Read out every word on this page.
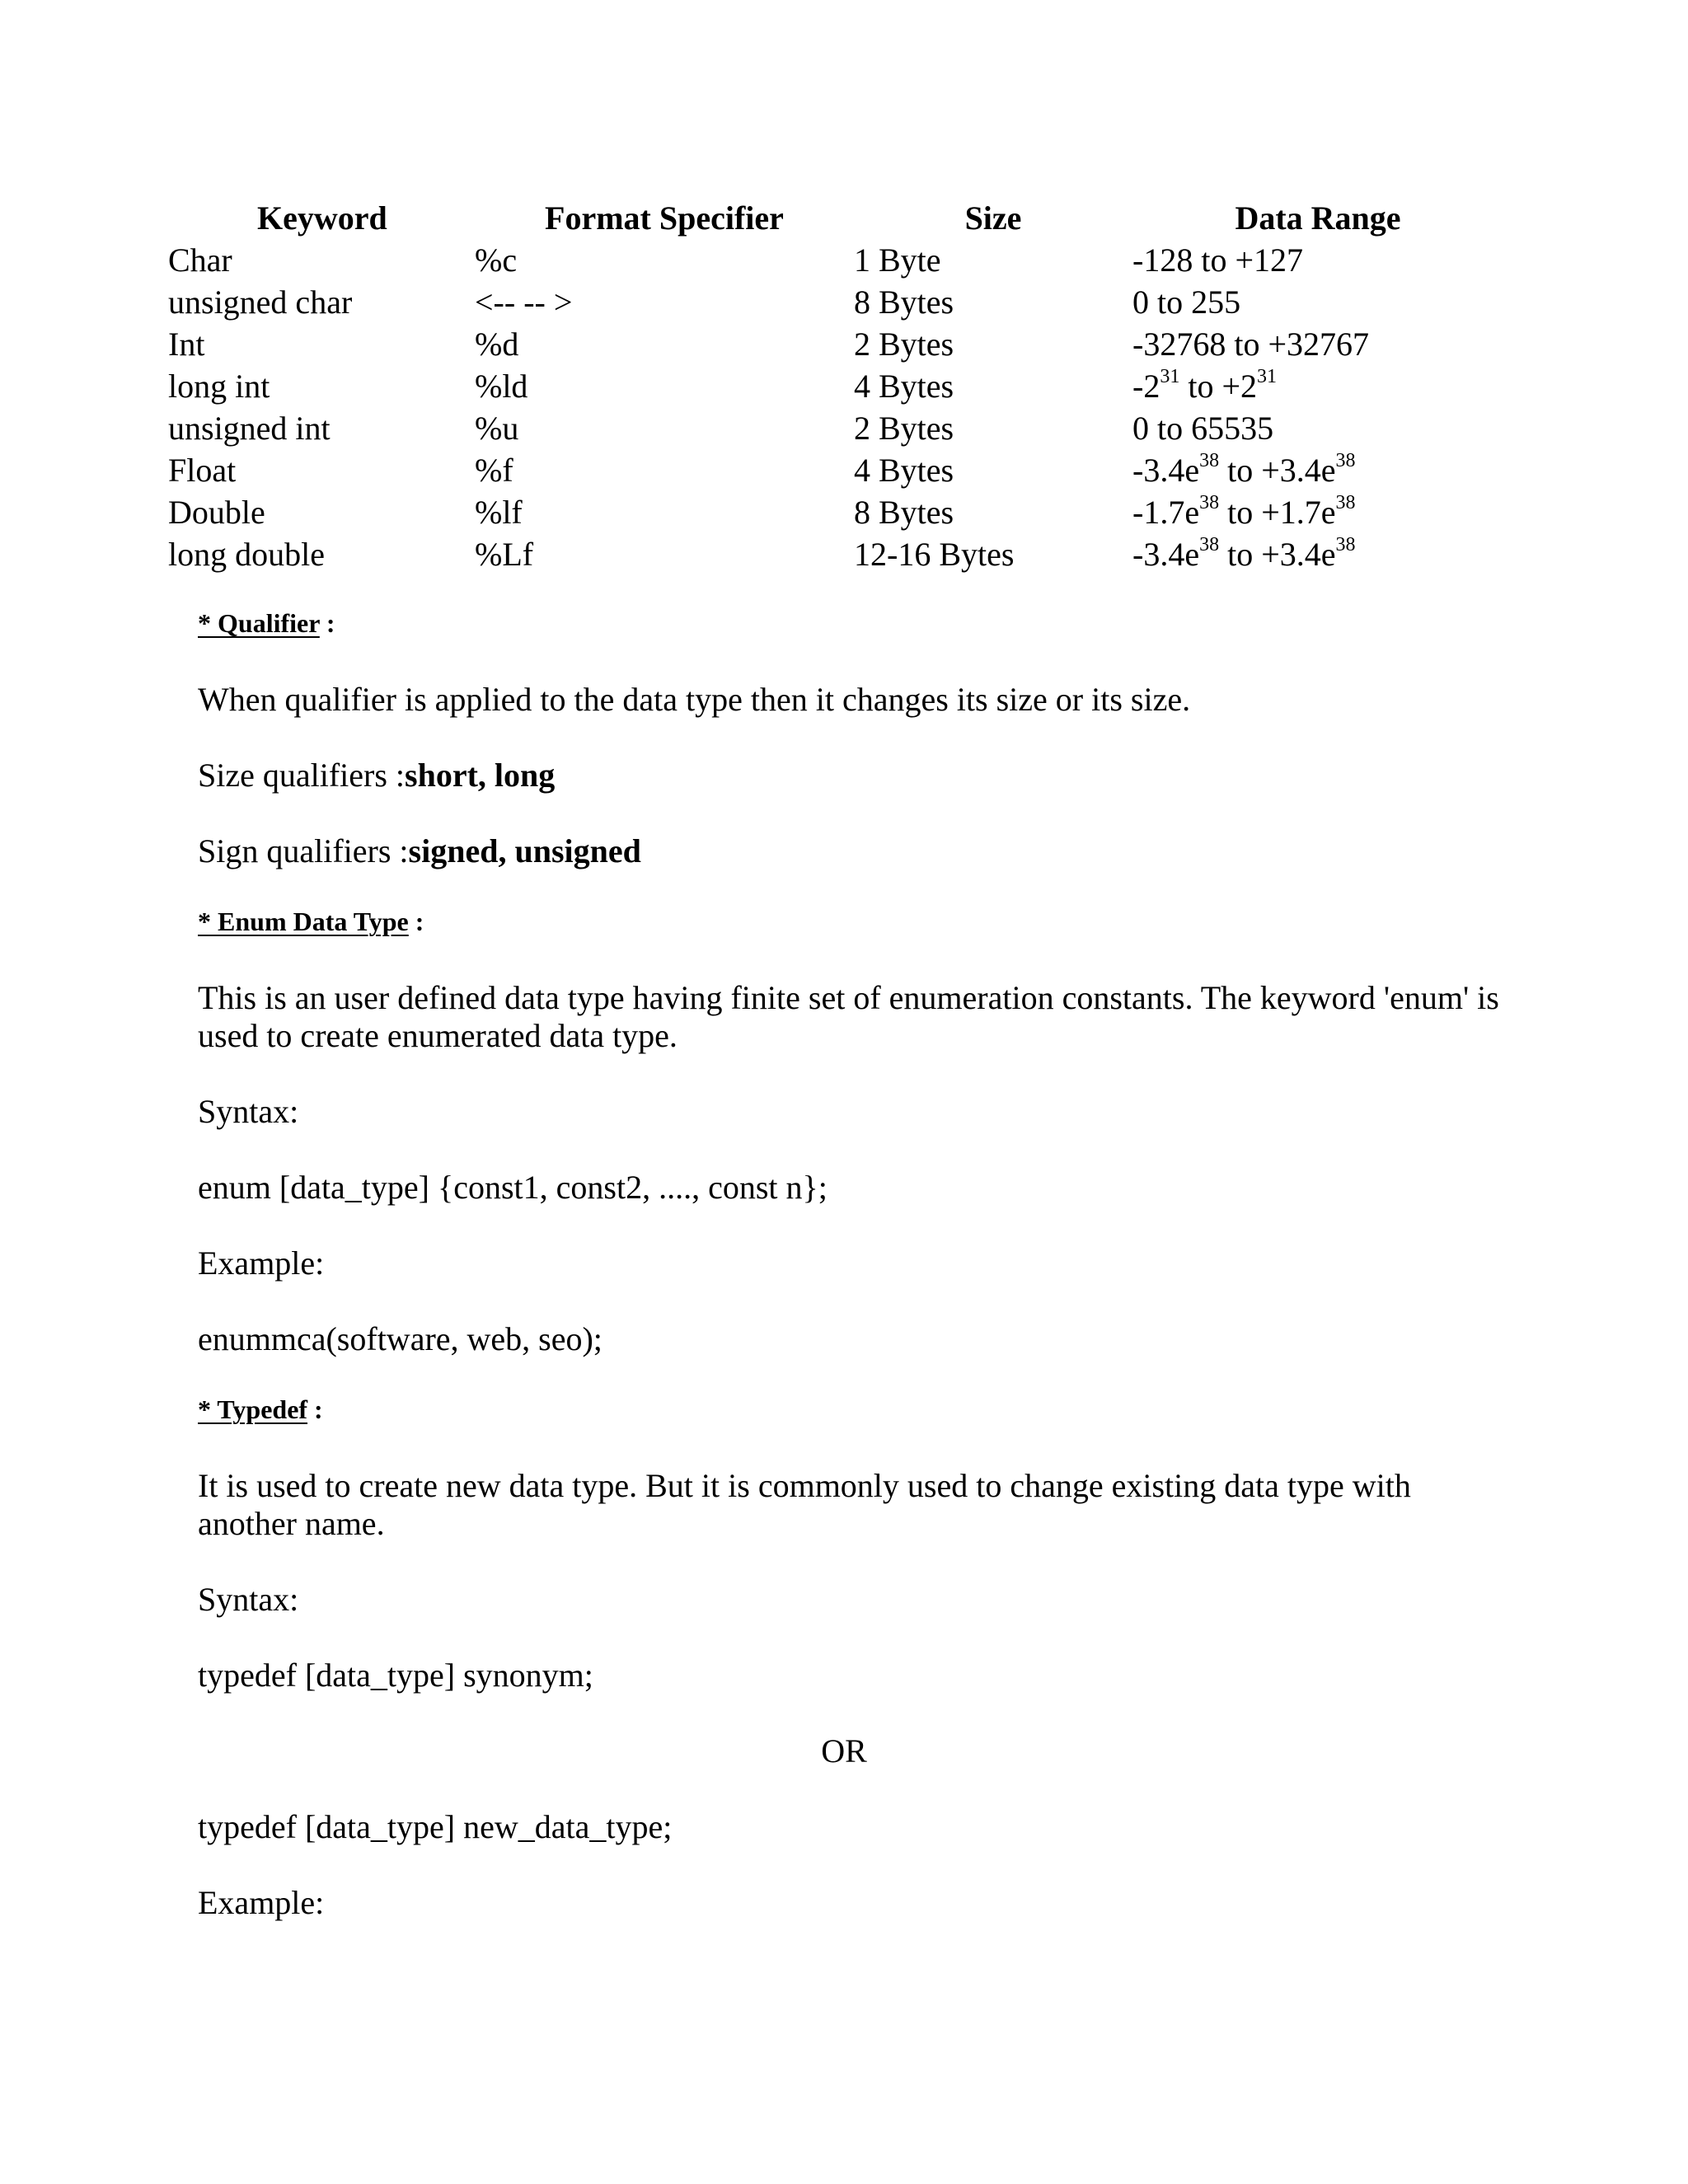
Keyword	Format Specifier	Size	Data Range
Char	%c	1 Byte	-128 to +127
unsigned char	<-- -- >	8 Bytes	0 to 255
Int	%d	2 Bytes	-32768 to +32767
long int	%ld	4 Bytes	$-2^{31}$ to $+2^{31}$
unsigned int	%u	2 Bytes	0 to 65535
Float	%f	4 Bytes	$-3.4e^{38}$ to $+3.4e^{38}$
Double	%lf	8 Bytes	$-1.7e^{38}$ to $+1.7e^{38}$
long double	%Lf	12-16 Bytes	$-3.4e^{38}$ to $+3.4e^{38}$

* Qualifier :

When qualifier is applied to the data type then it changes its size or its size.

Size qualifiers :short, long

Sign qualifiers :signed, unsigned

* Enum Data Type :

This is an user defined data type having finite set of enumeration constants. The keyword 'enum' is used to create enumerated data type.

Syntax:

enum [data_type] {const1, const2, ...., const n};

Example:

enummca(software, web, seo);

* Typedef :

It is used to create new data type. But it is commonly used to change existing data type with another name.

Syntax:

typedef [data_type] synonym;

OR

typedef [data_type] new_data_type;

Example:
